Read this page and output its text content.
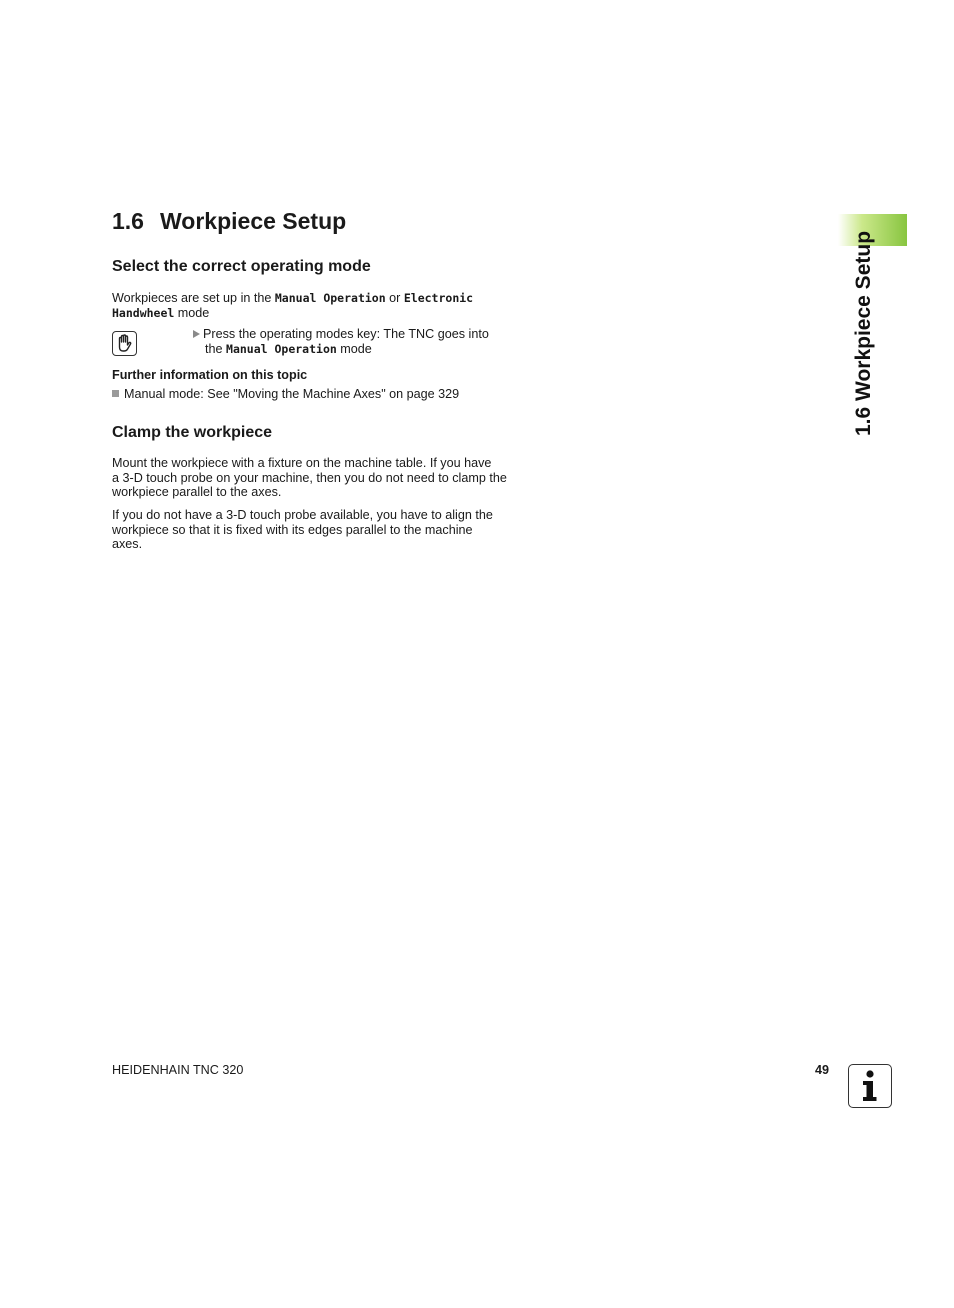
1.6 Workpiece Setup
1.6 Workpiece Setup
Select the correct operating mode
Workpieces are set up in the Manual Operation or Electronic
Handwheel mode
Press the operating modes key: The TNC goes into
the Manual Operation mode
Further information on this topic
Manual mode: See "Moving the Machine Axes" on page 329
Clamp the workpiece
Mount the workpiece with a fixture on the machine table. If you have
a 3-D touch probe on your machine, then you do not need to clamp the
workpiece parallel to the axes.
If you do not have a 3-D touch probe available, you have to align the
workpiece so that it is fixed with its edges parallel to the machine
axes.
HEIDENHAIN TNC 320	49
